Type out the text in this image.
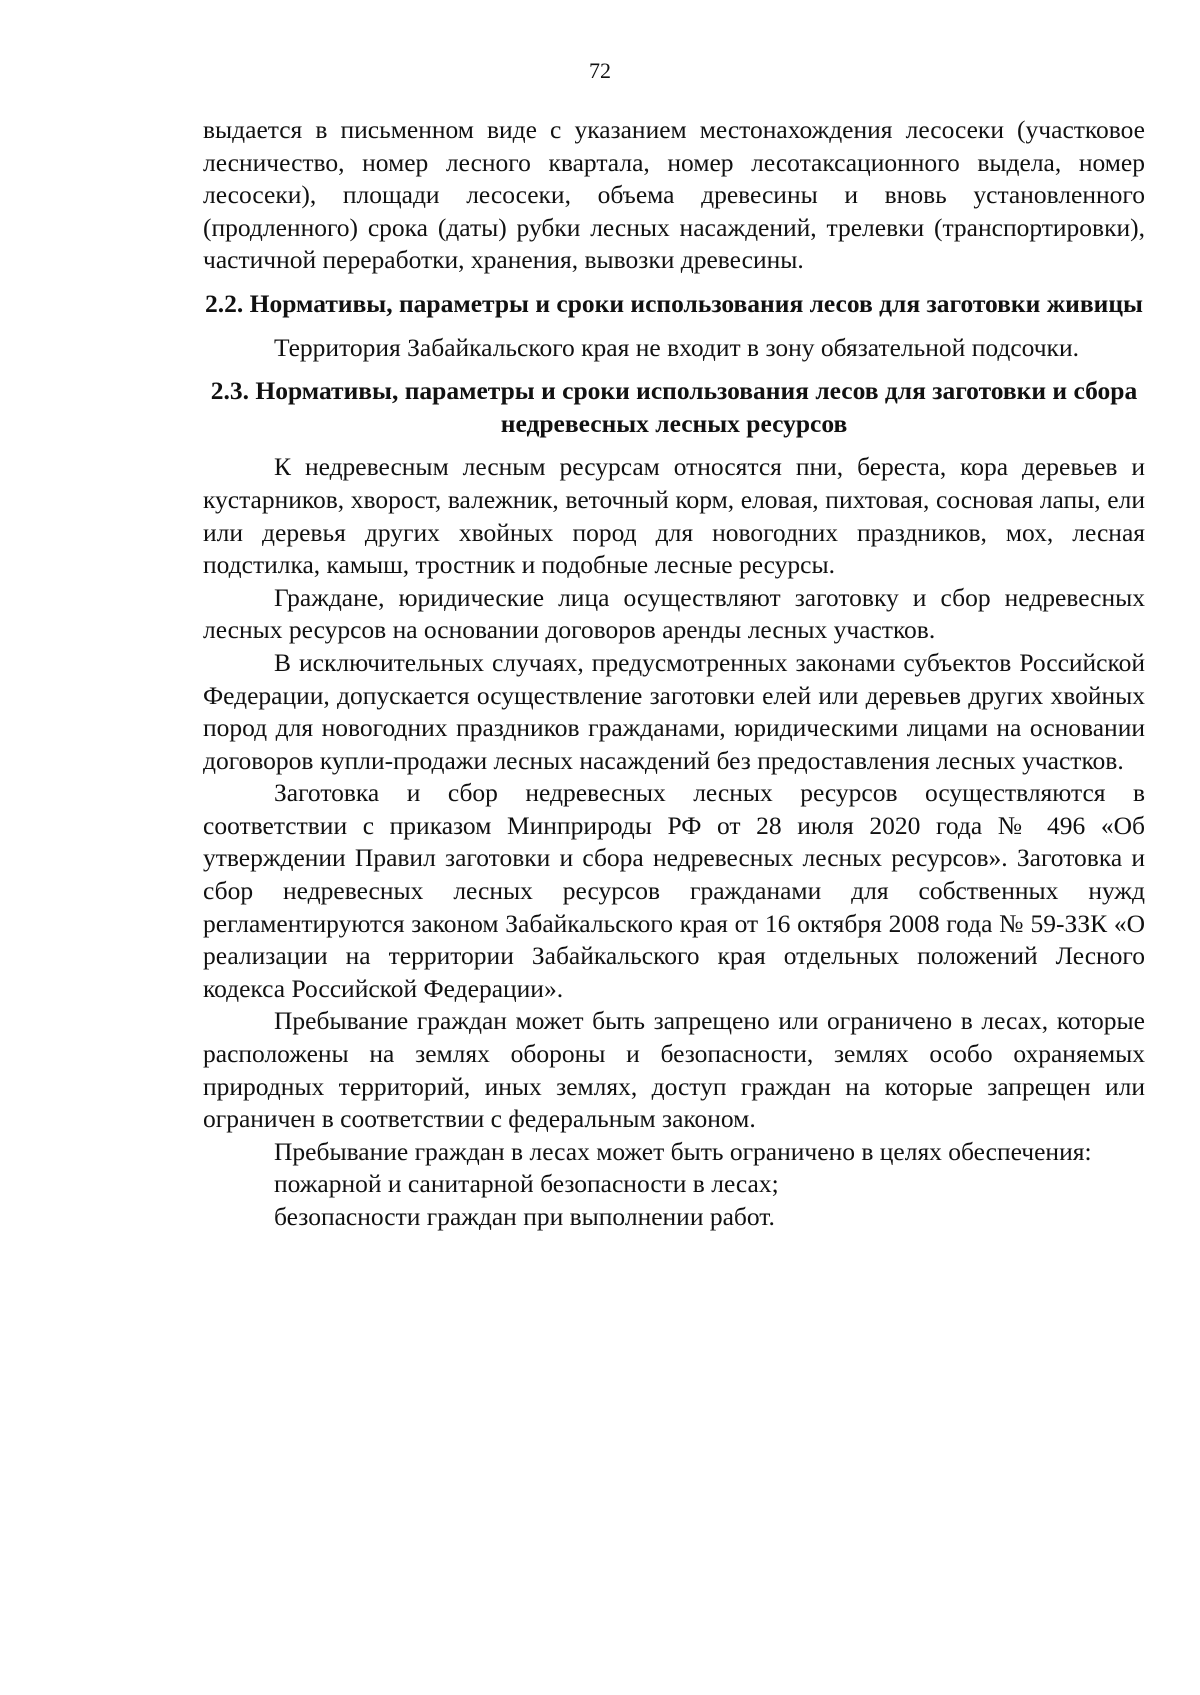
72

выдается в письменном виде с указанием местонахождения лесосеки (участковое лесничество, номер лесного квартала, номер лесотаксационного выдела, номер лесосеки), площади лесосеки, объема древесины и вновь установленного (продленного) срока (даты) рубки лесных насаждений, трелевки (транспортировки), частичной переработки, хранения, вывозки древесины.

2.2. Нормативы, параметры и сроки использования лесов для заготовки живицы

Территория Забайкальского края не входит в зону обязательной подсочки.

2.3. Нормативы, параметры и сроки использования лесов для заготовки и сбора недревесных лесных ресурсов

К недревесным лесным ресурсам относятся пни, береста, кора деревьев и кустарников, хворост, валежник, веточный корм, еловая, пихтовая, сосновая лапы, ели или деревья других хвойных пород для новогодних праздников, мох, лесная подстилка, камыш, тростник и подобные лесные ресурсы.

Граждане, юридические лица осуществляют заготовку и сбор недревесных лесных ресурсов на основании договоров аренды лесных участков.

В исключительных случаях, предусмотренных законами субъектов Российской Федерации, допускается осуществление заготовки елей или деревьев других хвойных пород для новогодних праздников гражданами, юридическими лицами на основании договоров купли-продажи лесных насаждений без предоставления лесных участков.

Заготовка и сбор недревесных лесных ресурсов осуществляются в соответствии с приказом Минприроды РФ от 28 июля 2020 года № 496 «Об утверждении Правил заготовки и сбора недревесных лесных ресурсов». Заготовка и сбор недревесных лесных ресурсов гражданами для собственных нужд регламентируются законом Забайкальского края от 16 октября 2008 года № 59-ЗЗК «О реализации на территории Забайкальского края отдельных положений Лесного кодекса Российской Федерации».

Пребывание граждан может быть запрещено или ограничено в лесах, которые расположены на землях обороны и безопасности, землях особо охраняемых природных территорий, иных землях, доступ граждан на которые запрещен или ограничен в соответствии с федеральным законом.

Пребывание граждан в лесах может быть ограничено в целях обеспечения:

пожарной и санитарной безопасности в лесах;

безопасности граждан при выполнении работ.
